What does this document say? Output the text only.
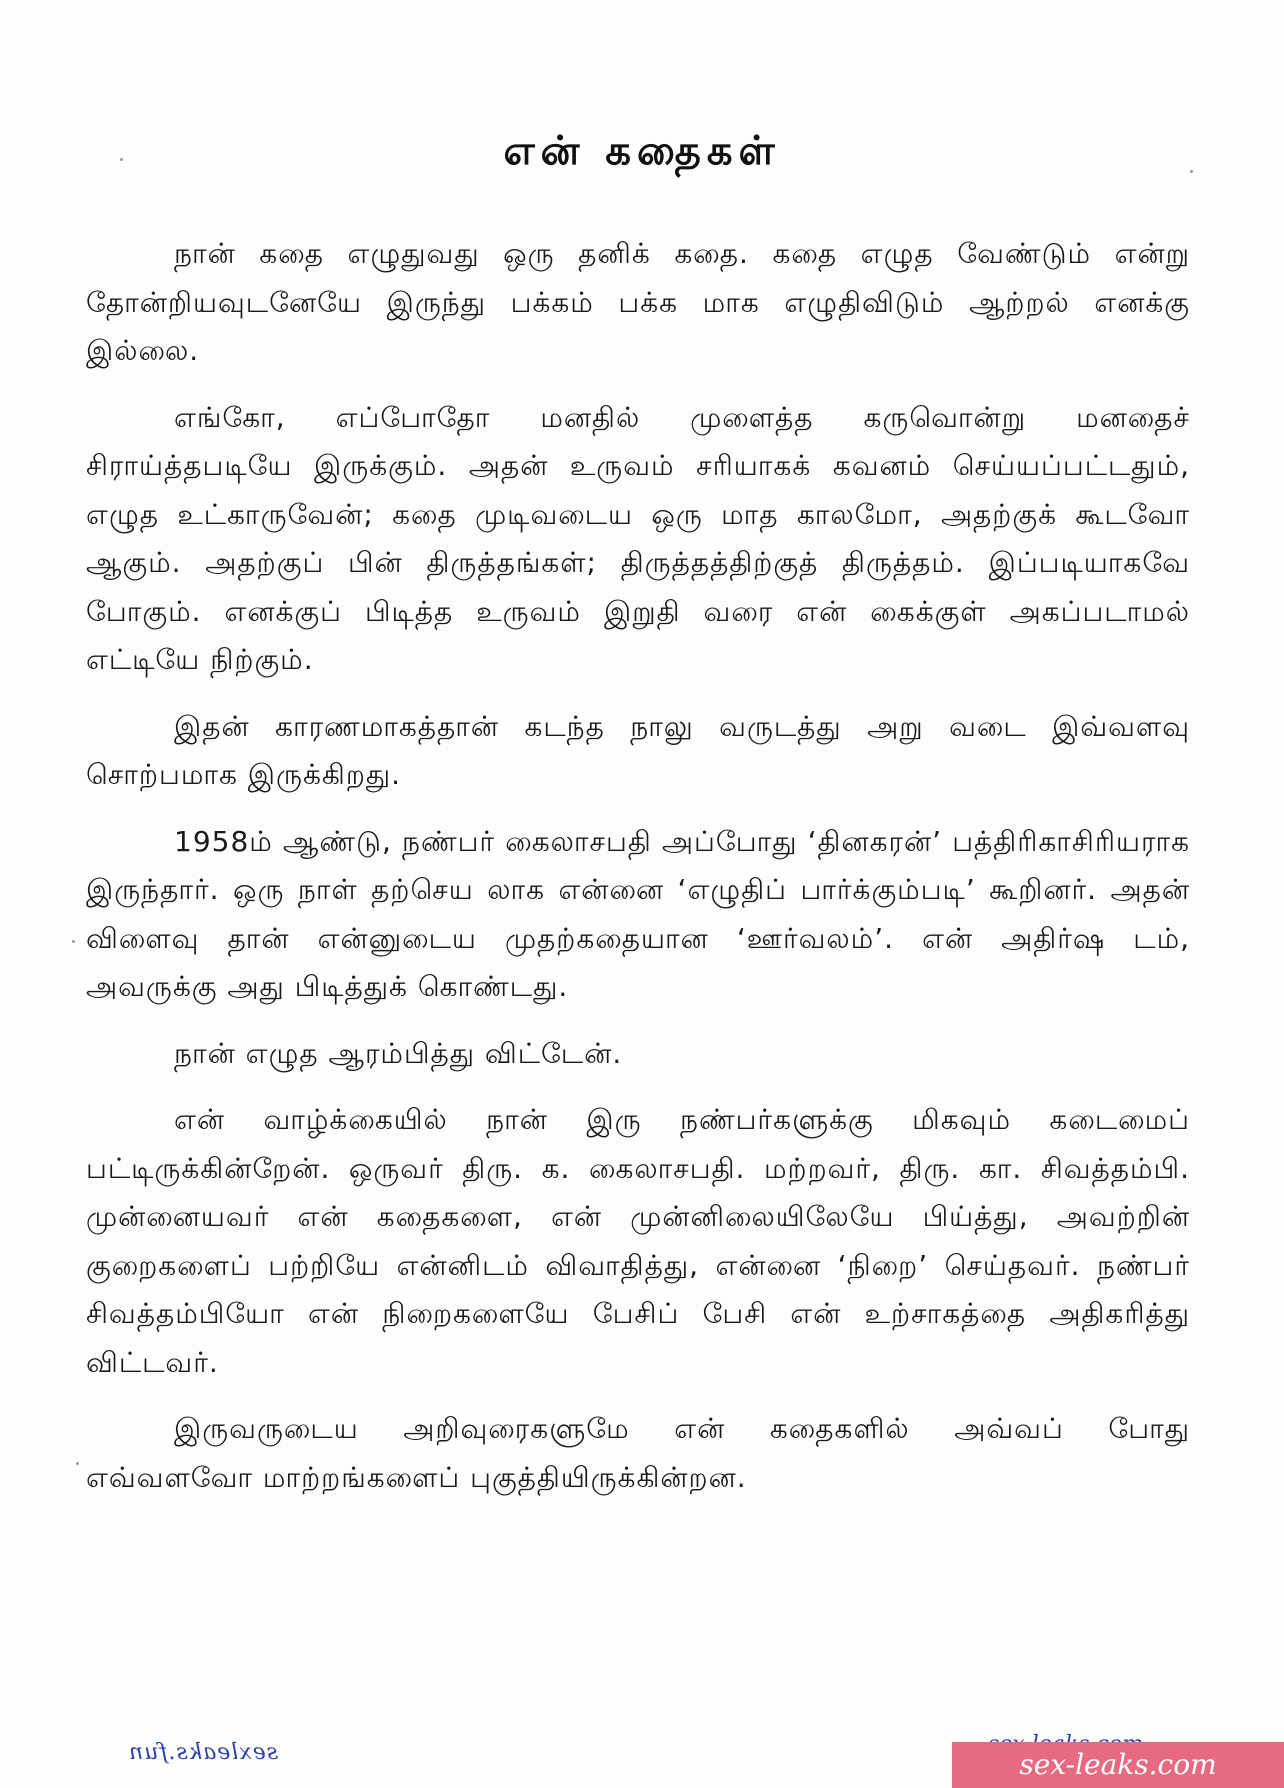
என் கதைகள்

நான் கதை எழுதுவது ஒரு தனிக் கதை. கதை எழுத வேண்டும் என்று தோன்றியவுடனேயே இருந்து பக்கம் பக்க மாக எழுதிவிடும் ஆற்றல் எனக்கு இல்லை.

எங்கோ, எப்போதோ மனதில் முளைத்த கருவொன்று மனதைச் சிராய்த்தபடியே இருக்கும். அதன் உருவம் சரியாகக் கவனம் செய்யப்பட்டதும், எழுத உட்காருவேன்; கதை முடிவடைய ஒரு மாத காலமோ, அதற்குக் கூடவோ ஆகும். அதற்குப் பின் திருத்தங்கள்; திருத்தத்திற்குத் திருத்தம். இப்படியாகவே போகும். எனக்குப் பிடித்த உருவம் இறுதி வரை என் கைக்குள் அகப்படாமல் எட்டியே நிற்கும்.

இதன் காரணமாகத்தான் கடந்த நாலு வருடத்து அறு வடை இவ்வளவு சொற்பமாக இருக்கிறது.

1958ம் ஆண்டு, நண்பர் கைலாசபதி அப்போது ‘தினகரன்’ பத்திரிகாசிரியராக இருந்தார். ஒரு நாள் தற்செய லாக என்னை ‘எழுதிப் பார்க்கும்படி’ கூறினர். அதன் விளைவு தான் என்னுடைய முதற்கதையான ‘ஊர்வலம்’. என் அதிர்ஷ டம், அவருக்கு அது பிடித்துக் கொண்டது.

நான் எழுத ஆரம்பித்து விட்டேன்.

என் வாழ்க்கையில் நான் இரு நண்பர்களுக்கு மிகவும் கடைமைப் பட்டிருக்கின்றேன். ஒருவர் திரு. க. கைலாசபதி. மற்றவர், திரு. கா. சிவத்தம்பி. முன்னையவர் என் கதைகளை, என் முன்னிலையிலேயே பிய்த்து, அவற்றின் குறைகளைப் பற்றியே என்னிடம் விவாதித்து, என்னை ‘நிறை’ செய்தவர். நண்பர் சிவத்தம்பியோ என் நிறைகளையே பேசிப் பேசி என் உற்சாகத்தை அதிகரித்து விட்டவர்.

இருவருடைய அறிவுரைகளுமே என் கதைகளில் அவ்வப் போது எவ்வளவோ மாற்றங்களைப் புகுத்தியிருக்கின்றன.

sexleaks.fun	sex-leaks.com
